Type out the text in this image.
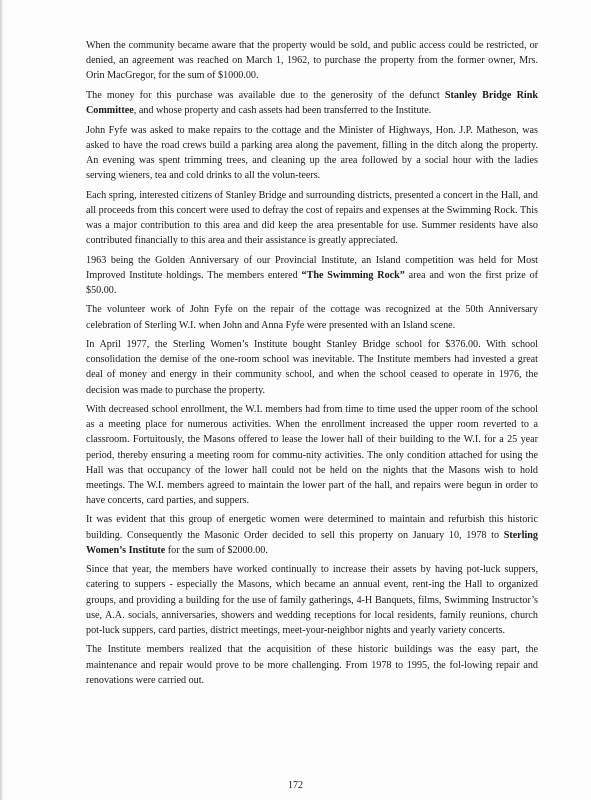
When the community became aware that the property would be sold, and public access could be restricted, or denied, an agreement was reached on March 1, 1962, to purchase the property from the former owner, Mrs. Orin MacGregor, for the sum of $1000.00.

The money for this purchase was available due to the generosity of the defunct Stanley Bridge Rink Committee, and whose property and cash assets had been transferred to the Institute.

John Fyfe was asked to make repairs to the cottage and the Minister of Highways, Hon. J.P. Matheson, was asked to have the road crews build a parking area along the pavement, filling in the ditch along the property. An evening was spent trimming trees, and cleaning up the area followed by a social hour with the ladies serving wieners, tea and cold drinks to all the volun-teers.

Each spring, interested citizens of Stanley Bridge and surrounding districts, presented a concert in the Hall, and all proceeds from this concert were used to defray the cost of repairs and expenses at the Swimming Rock. This was a major contribution to this area and did keep the area presentable for use. Summer residents have also contributed financially to this area and their assistance is greatly appreciated.

1963 being the Golden Anniversary of our Provincial Institute, an Island competition was held for Most Improved Institute holdings. The members entered “The Swimming Rock” area and won the first prize of $50.00.

The volunteer work of John Fyfe on the repair of the cottage was recognized at the 50th Anniversary celebration of Sterling W.I. when John and Anna Fyfe were presented with an Island scene.

In April 1977, the Sterling Women’s Institute bought Stanley Bridge school for $376.00. With school consolidation the demise of the one-room school was inevitable. The Institute members had invested a great deal of money and energy in their community school, and when the school ceased to operate in 1976, the decision was made to purchase the property.

With decreased school enrollment, the W.I. members had from time to time used the upper room of the school as a meeting place for numerous activities. When the enrollment increased the upper room reverted to a classroom. Fortuitously, the Masons offered to lease the lower hall of their building to the W.I. for a 25 year period, thereby ensuring a meeting room for commu-nity activities. The only condition attached for using the Hall was that occupancy of the lower hall could not be held on the nights that the Masons wish to hold meetings. The W.I. members agreed to maintain the lower part of the hall, and repairs were begun in order to have concerts, card parties, and suppers.

It was evident that this group of energetic women were determined to maintain and refurbish this historic building. Consequently the Masonic Order decided to sell this property on January 10, 1978 to Sterling Women’s Institute for the sum of $2000.00.

Since that year, the members have worked continually to increase their assets by having pot-luck suppers, catering to suppers - especially the Masons, which became an annual event, rent-ing the Hall to organized groups, and providing a building for the use of family gatherings, 4-H Banquets, films, Swimming Instructor’s use, A.A. socials, anniversaries, showers and wedding receptions for local residents, family reunions, church pot-luck suppers, card parties, district meetings, meet-your-neighbor nights and yearly variety concerts.

The Institute members realized that the acquisition of these historic buildings was the easy part, the maintenance and repair would prove to be more challenging. From 1978 to 1995, the fol-lowing repair and renovations were carried out.

172
